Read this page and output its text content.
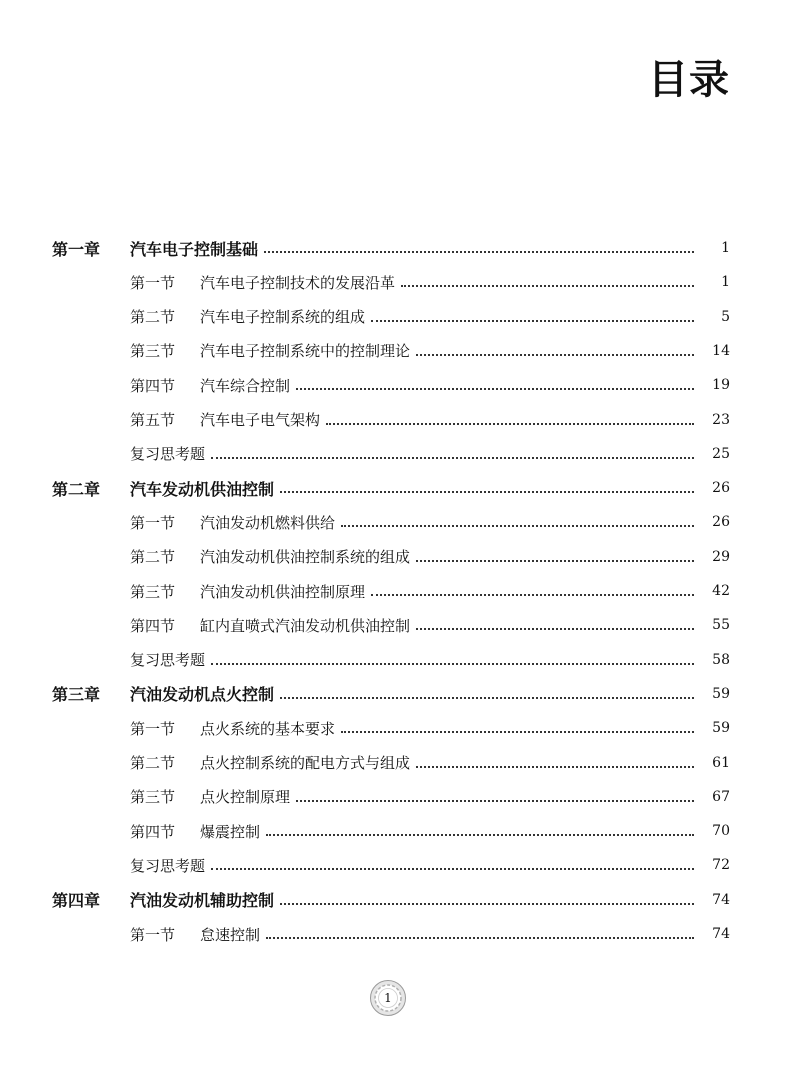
目录
第一章	汽车电子控制基础	1
第一节	汽车电子控制技术的发展沿革	1
第二节	汽车电子控制系统的组成	5
第三节	汽车电子控制系统中的控制理论	14
第四节	汽车综合控制	19
第五节	汽车电子电气架构	23
复习思考题	25
第二章	汽车发动机供油控制	26
第一节	汽油发动机燃料供给	26
第二节	汽油发动机供油控制系统的组成	29
第三节	汽油发动机供油控制原理	42
第四节	缸内直喷式汽油发动机供油控制	55
复习思考题	58
第三章	汽油发动机点火控制	59
第一节	点火系统的基本要求	59
第二节	点火控制系统的配电方式与组成	61
第三节	点火控制原理	67
第四节	爆震控制	70
复习思考题	72
第四章	汽油发动机辅助控制	74
第一节	怠速控制	74
1
